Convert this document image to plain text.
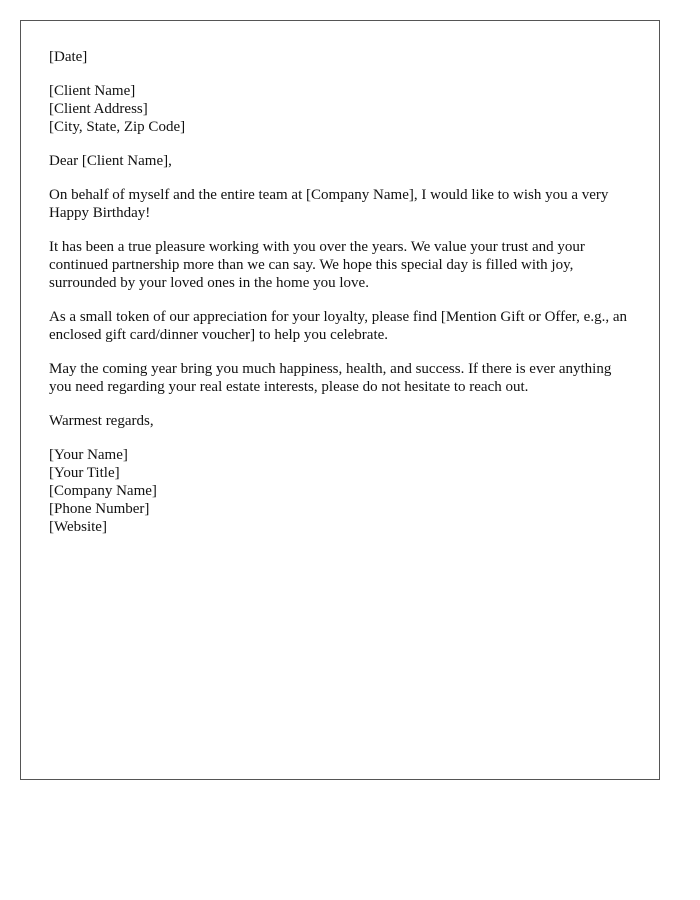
[Date]
[Client Name]
[Client Address]
[City, State, Zip Code]
Dear [Client Name],

On behalf of myself and the entire team at [Company Name], I would like to wish you a very Happy Birthday!

It has been a true pleasure working with you over the years. We value your trust and your continued partnership more than we can say. We hope this special day is filled with joy, surrounded by your loved ones in the home you love.

As a small token of our appreciation for your loyalty, please find [Mention Gift or Offer, e.g., an enclosed gift card/dinner voucher] to help you celebrate.

May the coming year bring you much happiness, health, and success. If there is ever anything you need regarding your real estate interests, please do not hesitate to reach out.

Warmest regards,
[Your Name]
[Your Title]
[Company Name]
[Phone Number]
[Website]
